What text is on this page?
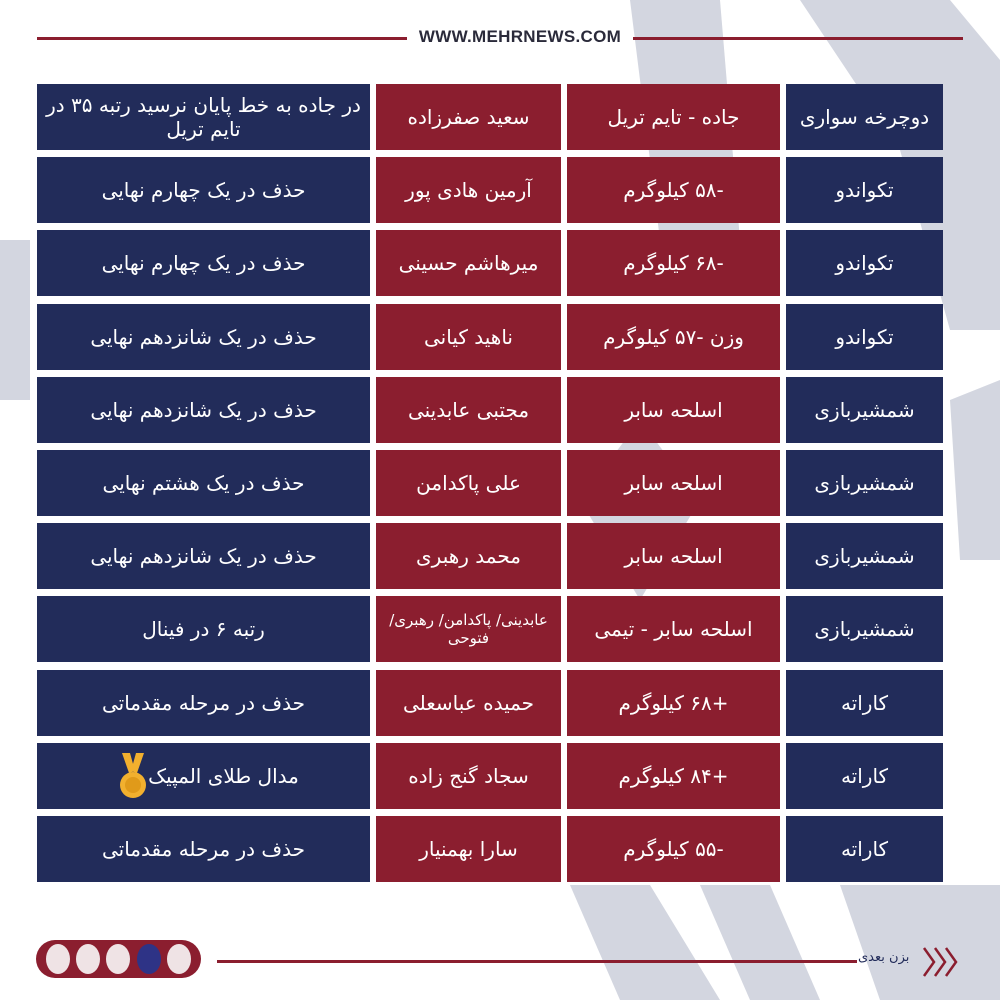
WWW.MEHRNEWS.COM
در جاده به خط پایان نرسید رتبه ۳۵ در تایم تریل	سعید صفرزاده	جاده - تایم تریل	دوچرخه سواری
حذف در یک چهارم نهایی	آرمین هادی پور	-۵۸ کیلوگرم	تکواندو
حذف در یک چهارم نهایی	میرهاشم حسینی	-۶۸ کیلوگرم	تکواندو
حذف در یک شانزدهم نهایی	ناهید کیانی	وزن -۵۷ کیلوگرم	تکواندو
حذف در یک شانزدهم نهایی	مجتبی عابدینی	اسلحه سابر	شمشیربازی
حذف در یک هشتم نهایی	علی پاکدامن	اسلحه سابر	شمشیربازی
حذف در یک شانزدهم نهایی	محمد رهبری	اسلحه سابر	شمشیربازی
رتبه ۶ در فینال	عابدینی/ پاکدامن/ رهبری/ فتوحی	اسلحه سابر - تیمی	شمشیربازی
حذف در مرحله مقدماتی	حمیده عباسعلی	+۶۸ کیلوگرم	کاراته
مدال طلای المپیک	سجاد گنج زاده	+۸۴ کیلوگرم	کاراته
حذف در مرحله مقدماتی	سارا بهمنیار	-۵۵ کیلوگرم	کاراته
بزن بعدی
